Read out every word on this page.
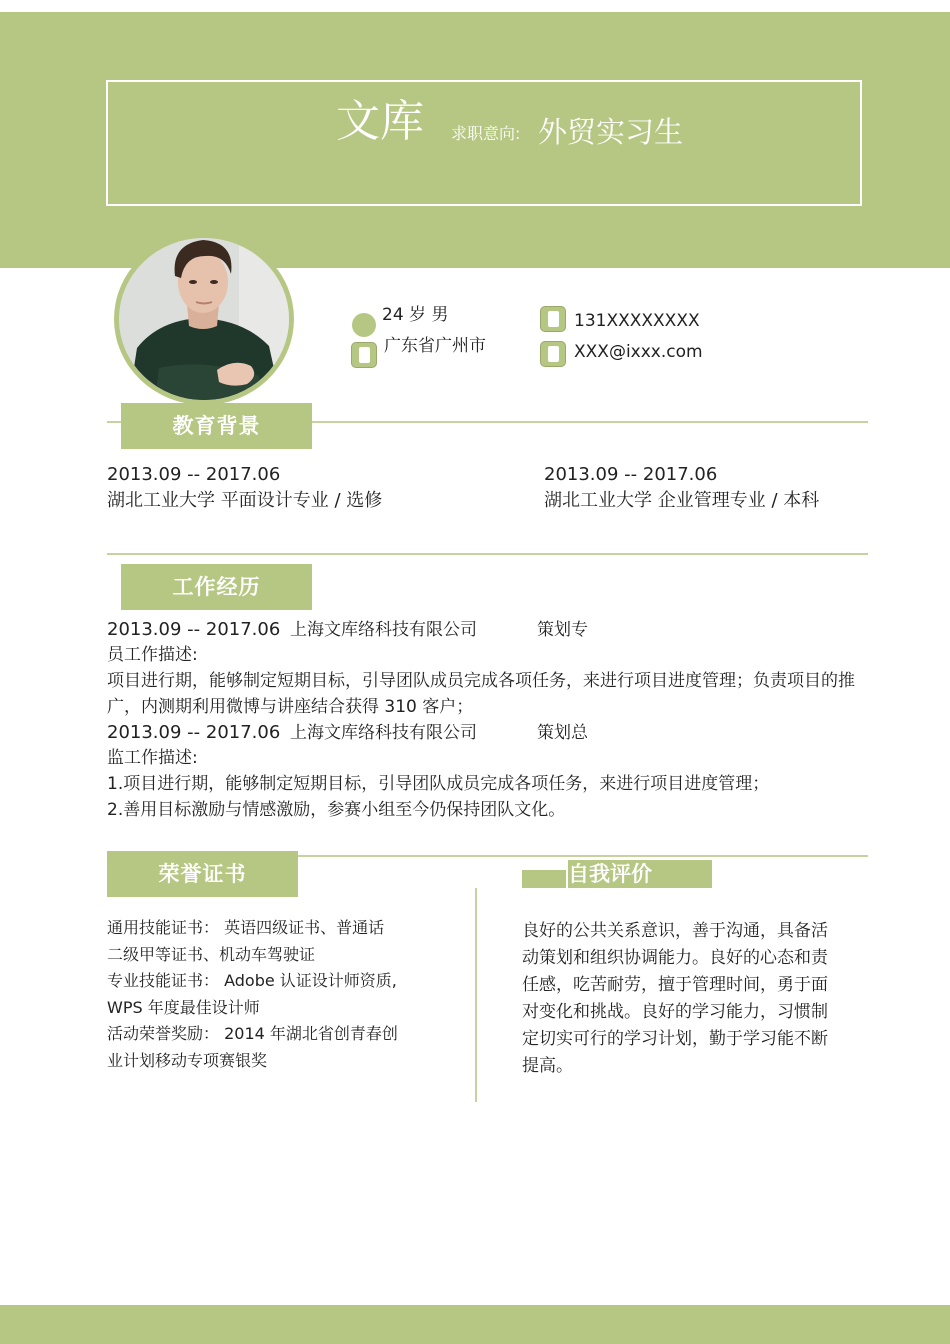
文库 求职意向: 外贸实习生
24 岁 男
广东省广州市
131XXXXXXXX
XXX@ixxx.com
教育背景
2013.09 -- 2017.06
湖北工业大学 平面设计专业 / 选修
2013.09 -- 2017.06
湖北工业大学 企业管理专业 / 本科
工作经历
2013.09 -- 2017.06 上海文库络科技有限公司	策划专
员工作描述:
项目进行期，能够制定短期目标，引导团队成员完成各项任务，来进行项目进度管理；负责项目的推广，内测期利用微博与讲座结合获得 310 客户；
2013.09 -- 2017.06 上海文库络科技有限公司	策划总
监工作描述:
1.项目进行期，能够制定短期目标，引导团队成员完成各项任务，来进行项目进度管理；
2.善用目标激励与情感激励，参赛小组至今仍保持团队文化。
荣誉证书	自我评价
通用技能证书： 英语四级证书、普通话
二级甲等证书、机动车驾驶证
专业技能证书： Adobe 认证设计师资质,
WPS 年度最佳设计师
活动荣誉奖励： 2014 年湖北省创青春创
业计划移动专项赛银奖
良好的公共关系意识，善于沟通，具备活
动策划和组织协调能力。良好的心态和责
任感，吃苦耐劳，擅于管理时间，勇于面
对变化和挑战。良好的学习能力，习惯制
定切实可行的学习计划，勤于学习能不断
提高。
